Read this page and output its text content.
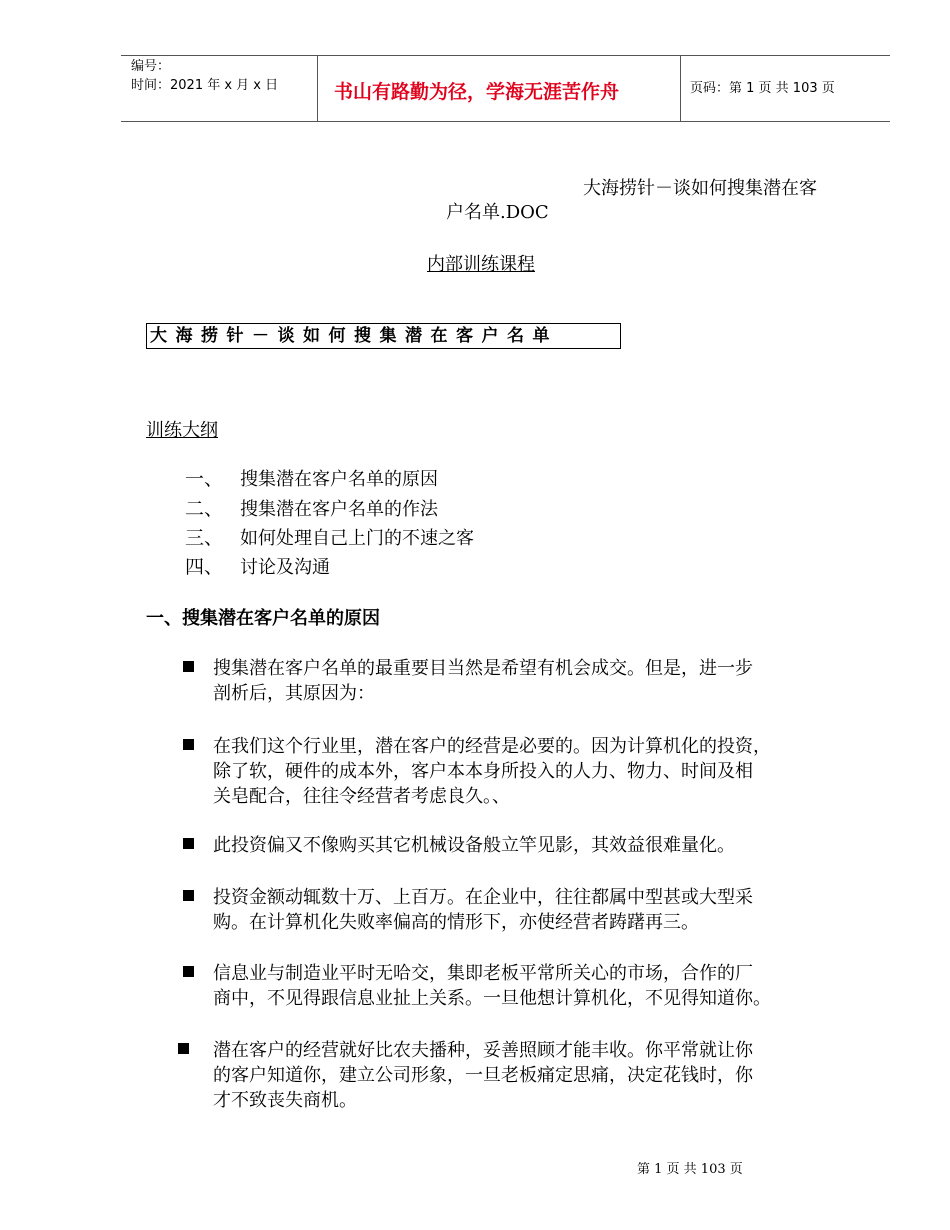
编号：
时间：2021 年 x 月 x 日	书山有路勤为径，学海无涯苦作舟	页码：第 1 页 共 103 页
大海捞针－谈如何搜集潜在客
户名单.DOC
内部训练课程
大海捞针－谈如何搜集潜在客户名单
训练大纲
一、 搜集潜在客户名单的原因
二、 搜集潜在客户名单的作法
三、 如何处理自己上门的不速之客
四、 讨论及沟通
一、搜集潜在客户名单的原因
搜集潜在客户名单的最重要目当然是希望有机会成交。但是，进一步
剖析后，其原因为：
在我们这个行业里，潜在客户的经营是必要的。因为计算机化的投资，
除了软，硬件的成本外，客户本本身所投入的人力、物力、时间及相
关皂配合，往往令经营者考虑良久。、
此投资偏又不像购买其它机械设备般立竿见影，其效益很难量化。
投资金额动辄数十万、上百万。在企业中，往往都属中型甚或大型采
购。在计算机化失败率偏高的情形下，亦使经营者踌躇再三。
信息业与制造业平时无哈交，集即老板平常所关心的市场，合作的厂
商中，不见得跟信息业扯上关系。一旦他想计算机化，不见得知道你。
潜在客户的经营就好比农夫播种，妥善照顾才能丰收。你平常就让你
的客户知道你，建立公司形象，一旦老板痛定思痛，决定花钱时，你
才不致丧失商机。
第 1 页 共 103 页
